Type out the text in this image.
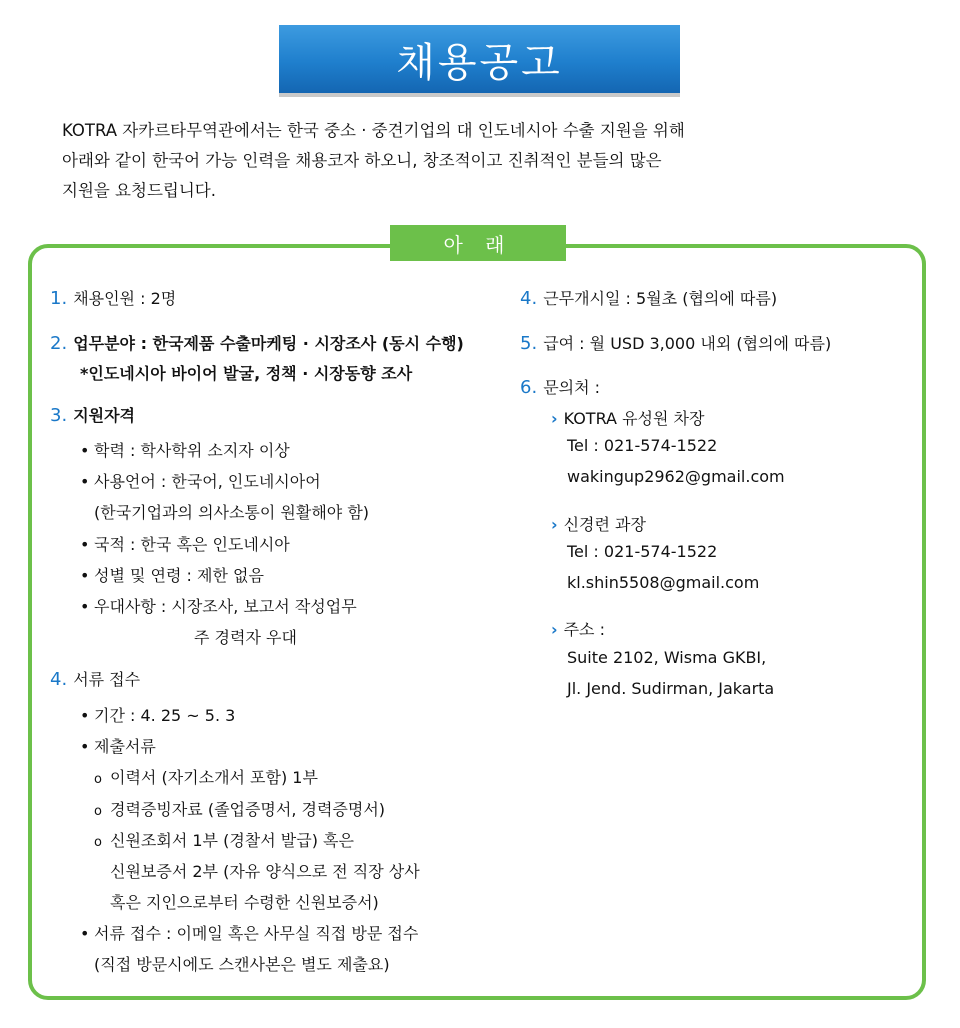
채용공고
KOTRA 자카르타무역관에서는 한국 중소 · 중견기업의 대 인도네시아 수출 지원을 위해
아래와 같이 한국어 가능 인력을 채용코자 하오니, 창조적이고 진취적인 분들의 많은
지원을 요청드립니다.
아 래
1. 채용인원 : 2명
2. 업무분야 : 한국제품 수출마케팅 · 시장조사 (동시 수행)
*인도네시아 바이어 발굴, 정책 · 시장동향 조사
3. 지원자격
• 학력 : 학사학위 소지자 이상
• 사용언어 : 한국어, 인도네시아어
(한국기업과의 의사소통이 원활해야 함)
• 국적 : 한국 혹은 인도네시아
• 성별 및 연령 : 제한 없음
• 우대사항 : 시장조사, 보고서 작성업무
주 경력자 우대
4. 서류 접수
• 기간 : 4. 25 ~ 5. 3
• 제출서류
o 이력서 (자기소개서 포함) 1부
o 경력증빙자료 (졸업증명서, 경력증명서)
o 신원조회서 1부 (경찰서 발급) 혹은
신원보증서 2부 (자유 양식으로 전 직장 상사
혹은 지인으로부터 수령한 신원보증서)
• 서류 접수 : 이메일 혹은 사무실 직접 방문 접수
(직접 방문시에도 스캔사본은 별도 제출요)
4. 근무개시일 : 5월초 (협의에 따름)
5. 급여 : 월 USD 3,000 내외 (협의에 따름)
6. 문의처 :
› KOTRA 유성원 차장
Tel : 021-574-1522
wakingup2962@gmail.com
› 신경련 과장
Tel : 021-574-1522
kl.shin5508@gmail.com
› 주소 :
Suite 2102, Wisma GKBI,
Jl. Jend. Sudirman, Jakarta
